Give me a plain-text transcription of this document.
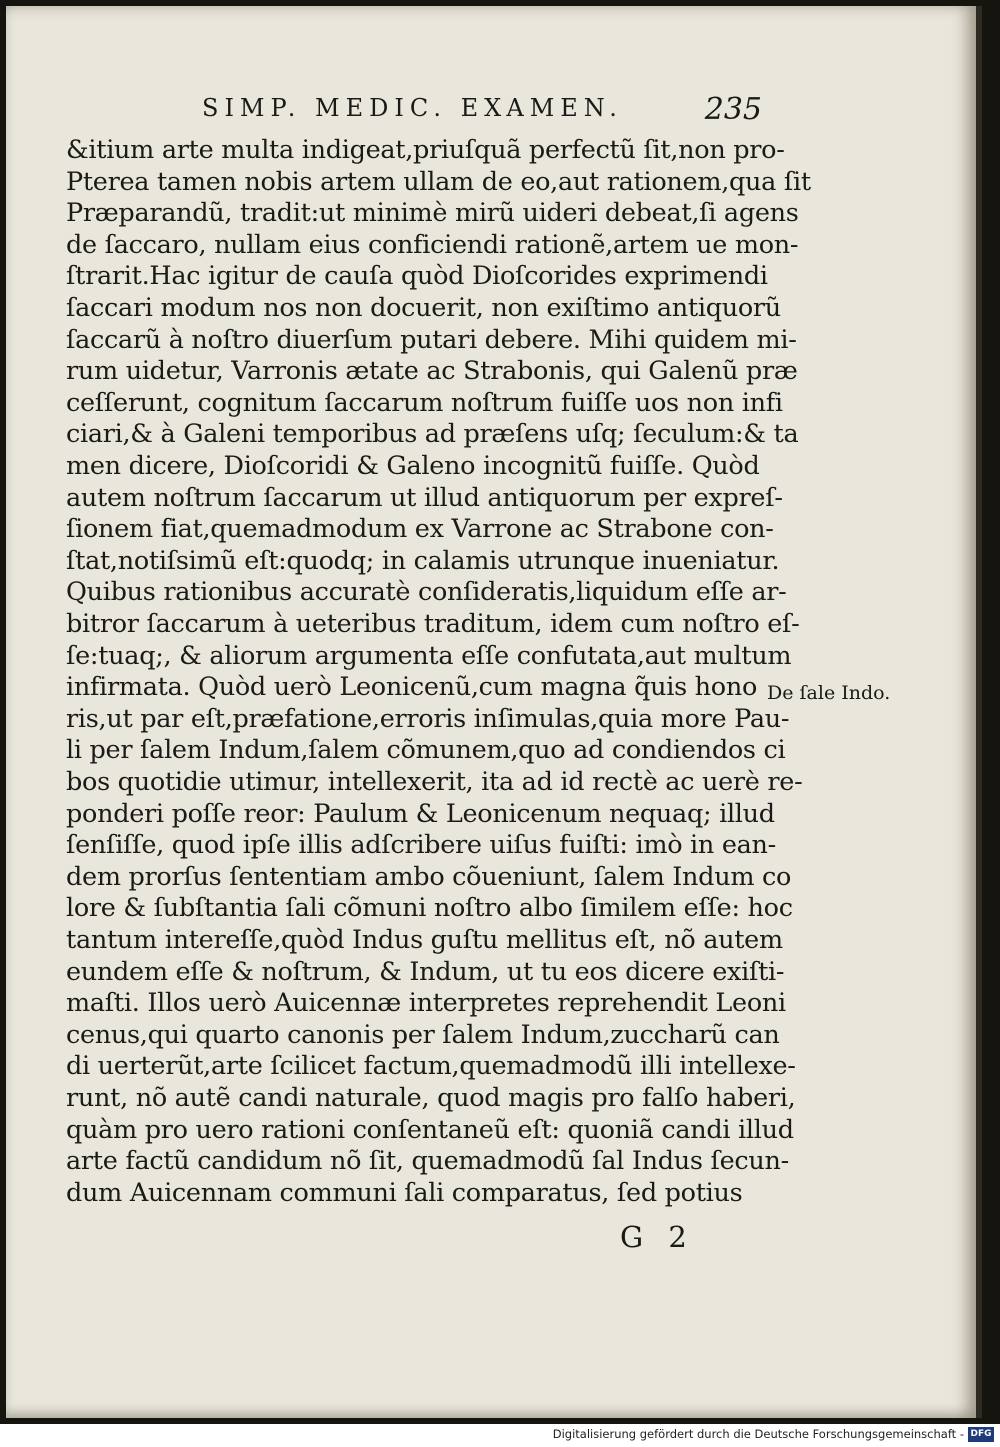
SIMP. MEDIC. EXAMEN.	235
&itium arte multa indigeat,priuſquã perfectũ ſit,non pro-
Pterea tamen nobis artem ullam de eo,aut rationem,qua ſit
Præparandũ, tradit:ut minimè mirũ uideri debeat,ſi agens
de ſaccaro, nullam eius conficiendi rationẽ,artem ue mon-
ſtrarit.Hac igitur de cauſa quòd Dioſcorides exprimendi
ſaccari modum nos non docuerit, non exiſtimo antiquorũ
ſaccarũ à noſtro diuerſum putari debere. Mihi quidem mi-
rum uidetur, Varronis ætate ac Strabonis, qui Galenũ præ
ceſſerunt, cognitum ſaccarum noſtrum fuiſſe uos non infi
ciari,& à Galeni temporibus ad præſens uſq; ſeculum:& ta
men dicere, Dioſcoridi & Galeno incognitũ fuiſſe. Quòd
autem noſtrum ſaccarum ut illud antiquorum per expreſ-
ſionem fiat,quemadmodum ex Varrone ac Strabone con-
ſtat,notiſsimũ eſt:quodq; in calamis utrunque inueniatur.
Quibus rationibus accuratè conſideratis,liquidum eſſe ar-
bitror ſaccarum à ueteribus traditum, idem cum noſtro eſ-
ſe:tuaq;, & aliorum argumenta eſſe confutata,aut multum
infirmata. Quòd uerò Leonicenũ,cum magna q̃uis hono
ris,ut par eſt,præfatione,erroris inſimulas,quia more Pau-
li per ſalem Indum,ſalem cõmunem,quo ad condiendos ci
bos quotidie utimur, intellexerit, ita ad id rectè ac uerè re-
ponderi poſſe reor: Paulum & Leonicenum nequaq; illud
ſenſiſſe, quod ipſe illis adſcribere uiſus fuiſti: imò in ean-
dem prorſus ſententiam ambo cõueniunt, ſalem Indum co
lore & ſubſtantia ſali cõmuni noſtro albo ſimilem eſſe: hoc
tantum intereſſe,quòd Indus guſtu mellitus eſt, nõ autem
eundem eſſe & noſtrum, & Indum, ut tu eos dicere exiſti-
maſti. Illos uerò Auicennæ interpretes reprehendit Leoni
cenus,qui quarto canonis per ſalem Indum,zuccharũ can
di uerterũt,arte ſcilicet factum,quemadmodũ illi intellexe-
runt, nõ autẽ candi naturale, quod magis pro falſo haberi,
quàm pro uero rationi conſentaneũ eſt: quoniã candi illud
arte factũ candidum nõ ſit, quemadmodũ ſal Indus ſecun-
dum Auicennam communi ſali comparatus, ſed potius
De ſale Indo.
G 2
Digitalisierung gefördert durch die Deutsche Forschungsgemeinschaft - DFG
